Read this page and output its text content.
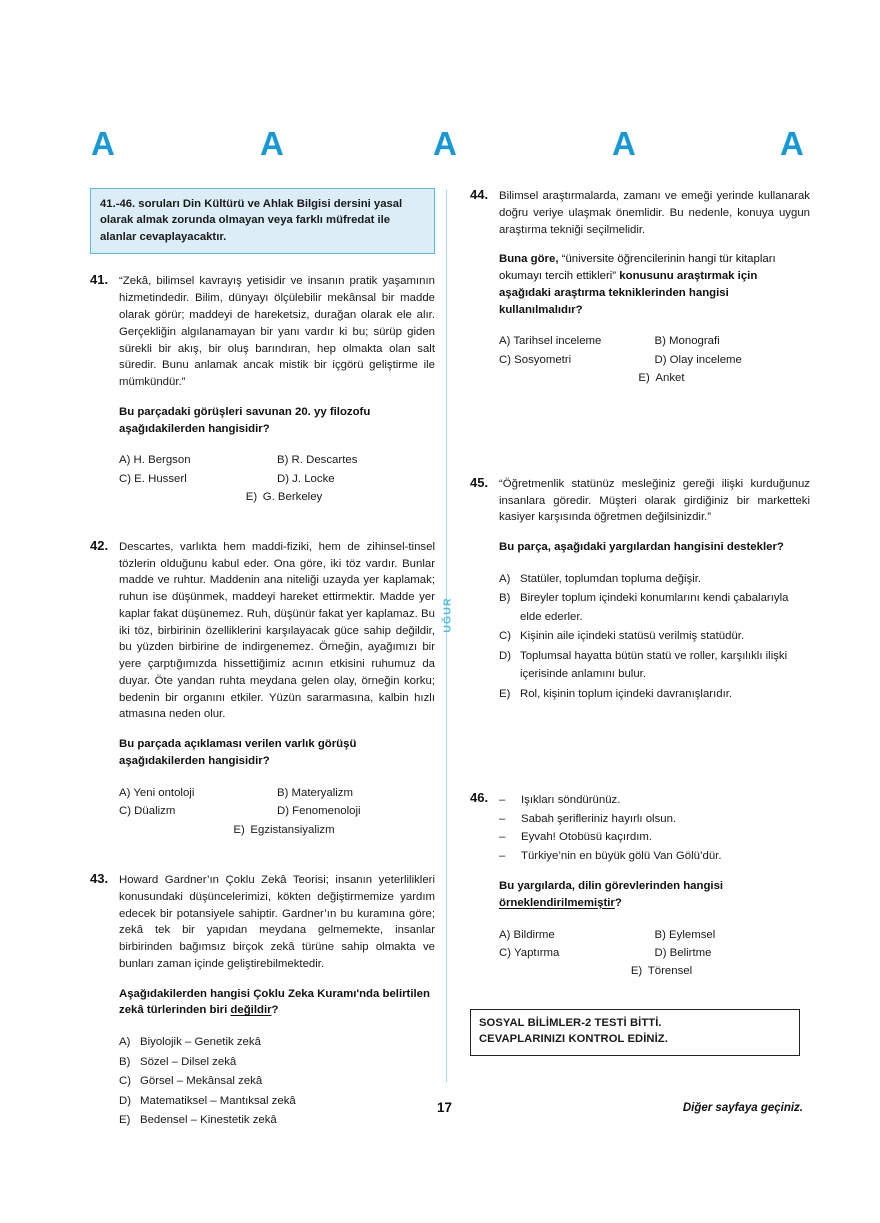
A	A	A	A	A
UĞUR
41.-46. soruları Din Kültürü ve Ahlak Bilgisi dersini yasal olarak almak zorunda olmayan veya farklı müfredat ile alanlar cevaplayacaktır.
41. “Zekâ, bilimsel kavrayış yetisidir ve insanın pratik yaşamının hizmetindedir. Bilim, dünyayı ölçülebilir mekânsal bir madde olarak görür; maddeyi de hareketsiz, durağan olarak ele alır. Gerçekliğin algılanamayan bir yanı vardır ki bu; sürüp giden sürekli bir akış, bir oluş barındıran, hep olmakta olan salt süredir. Bunu anlamak ancak mistik bir içgörü geliştirme ile mümkündür.”
Bu parçadaki görüşleri savunan 20. yy filozofu aşağıdakilerden hangisidir?
A) H. Bergson	B) R. Descartes
C) E. Husserl	D) J. Locke
E) G. Berkeley
42. Descartes, varlıkta hem maddi-fiziki, hem de zihinsel-tinsel tözlerin olduğunu kabul eder. Ona göre, iki töz vardır. Bunlar madde ve ruhtur. Maddenin ana niteliği uzayda yer kaplamak; ruhun ise düşünmek, maddeyi hareket ettirmektir. Madde yer kaplar fakat düşünemez. Ruh, düşünür fakat yer kaplamaz. Bu iki töz, birbirinin özelliklerini karşılayacak güce sahip değildir, bu yüzden birbirine de indirgenemez. Örneğin, ayağımızı bir yere çarptığımızda hissettiğimiz acının etkisini ruhumuz da duyar. Öte yandan ruhta meydana gelen olay, örneğin korku; bedenin bir organını etkiler. Yüzün sararmasına, kalbin hızlı atmasına neden olur.
Bu parçada açıklaması verilen varlık görüşü aşağıdakilerden hangisidir?
A) Yeni ontoloji	B) Materyalizm
C) Düalizm	D) Fenomenoloji
E) Egzistansiyalizm
43. Howard Gardner’ın Çoklu Zekâ Teorisi; insanın yeterlilikleri konusundaki düşüncelerimizi, kökten değiştirmemize yardım edecek bir potansiyele sahiptir. Gardner’ın bu kuramına göre; zekâ tek bir yapıdan meydana gelmemekte, insanlar birbirinden bağımsız birçok zekâ türüne sahip olmakta ve bunları zaman içinde geliştirebilmektedir.
Aşağıdakilerden hangisi Çoklu Zeka Kuramı'nda belirtilen zekâ türlerinden biri değildir?
A) Biyolojik – Genetik zekâ
B) Sözel – Dilsel zekâ
C) Görsel – Mekânsal zekâ
D) Matematiksel – Mantıksal zekâ
E) Bedensel – Kinestetik zekâ
44. Bilimsel araştırmalarda, zamanı ve emeği yerinde kullanarak doğru veriye ulaşmak önemlidir. Bu nedenle, konuya uygun araştırma tekniği seçilmelidir.
Buna göre, “üniversite öğrencilerinin hangi tür kitapları okumayı tercih ettikleri” konusunu araştırmak için aşağıdaki araştırma tekniklerinden hangisi kullanılmalıdır?
A) Tarihsel inceleme	B) Monografi
C) Sosyometri	D) Olay inceleme
E) Anket
45. “Öğretmenlik statünüz mesleğiniz gereği ilişki kurduğunuz insanlara göredir. Müşteri olarak girdiğiniz bir marketteki kasiyer karşısında öğretmen değilsinizdir.”
Bu parça, aşağıdaki yargılardan hangisini destekler?
A) Statüler, toplumdan topluma değişir.
B) Bireyler toplum içindeki konumlarını kendi çabalarıyla elde ederler.
C) Kişinin aile içindeki statüsü verilmiş statüdür.
D) Toplumsal hayatta bütün statü ve roller, karşılıklı ilişki içerisinde anlamını bulur.
E) Rol, kişinin toplum içindeki davranışlarıdır.
46. – Işıkları söndürünüz.
– Sabah şerifleriniz hayırlı olsun.
– Eyvah! Otobüsü kaçırdım.
– Türkiye’nin en büyük gölü Van Gölü’dür.
Bu yargılarda, dilin görevlerinden hangisi örneklendirilmemiştir?
A) Bildirme	B) Eylemsel
C) Yaptırma	D) Belirtme
E) Törensel
SOSYAL BİLİMLER-2 TESTİ BİTTİ.
CEVAPLARINIZI KONTROL EDİNİZ.
17	Diğer sayfaya geçiniz.
